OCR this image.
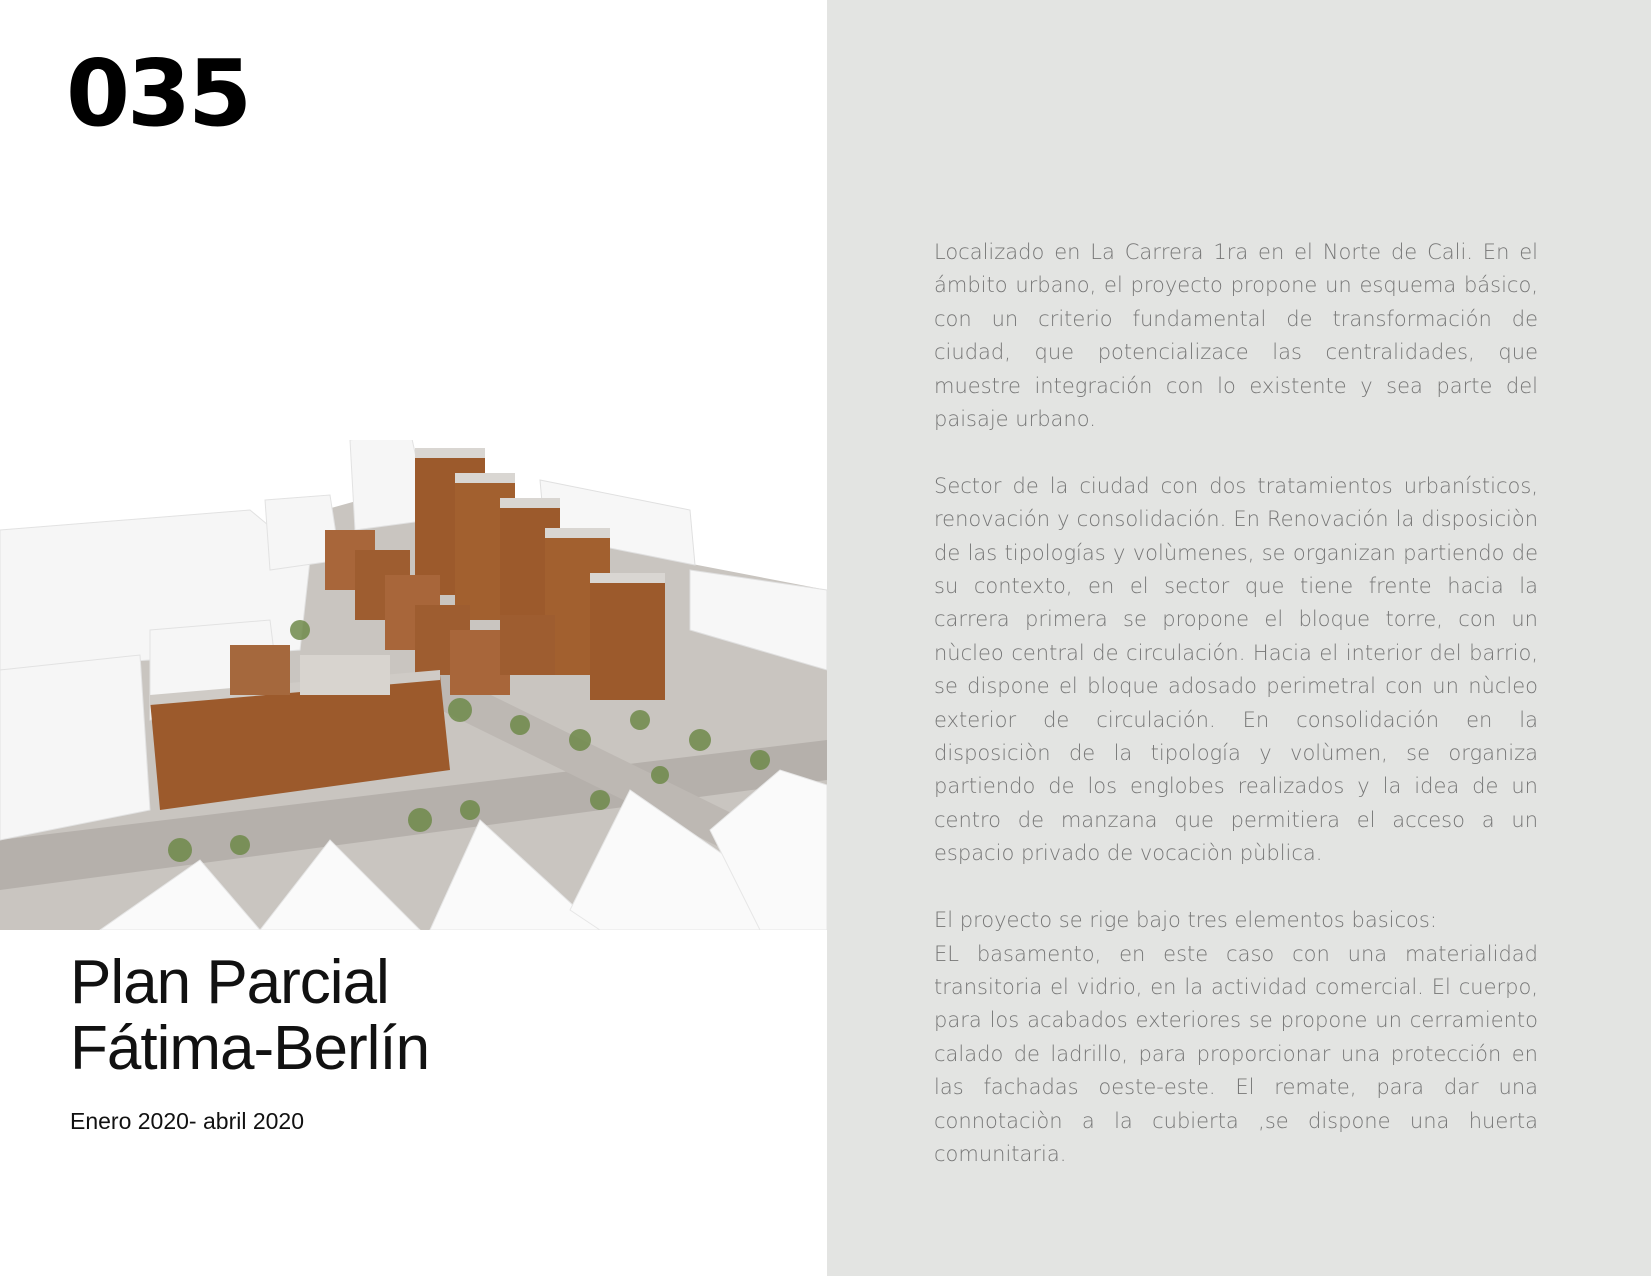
035
Plan Parcial
Fátima-Berlín
Enero 2020- abril 2020

Localizado en La Carrera 1ra en el Norte de Cali. En el ámbito urbano, el proyecto propone un esquema básico, con un criterio fundamental de transformación de ciudad, que potencializace las centralidades, que muestre integración con lo existente y sea parte del paisaje urbano.

Sector de la ciudad con dos tratamientos urbanísticos, renovación y consolidación. En Renovación la disposiciòn de las tipologías y volùmenes, se organizan partiendo de su contexto, en el sector que tiene frente hacia la carrera primera se propone el bloque torre, con un nùcleo central de circulación. Hacia el interior del barrio, se dispone el bloque adosado perimetral con un nùcleo exterior de circulación. En consolidación en la disposiciòn de la tipología y volùmen, se organiza partiendo de los englobes realizados y la idea de un centro de manzana que permitiera el acceso a un espacio privado de vocaciòn pùblica.

El proyecto se rige bajo tres elementos basicos:

EL basamento, en este caso con una materialidad transitoria el vidrio, en la actividad comercial. El cuerpo, para los acabados exteriores se propone un cerramiento calado de ladrillo, para proporcionar una protección en las fachadas oeste-este. El remate, para dar una connotaciòn a la cubierta ,se dispone una huerta comunitaria.
